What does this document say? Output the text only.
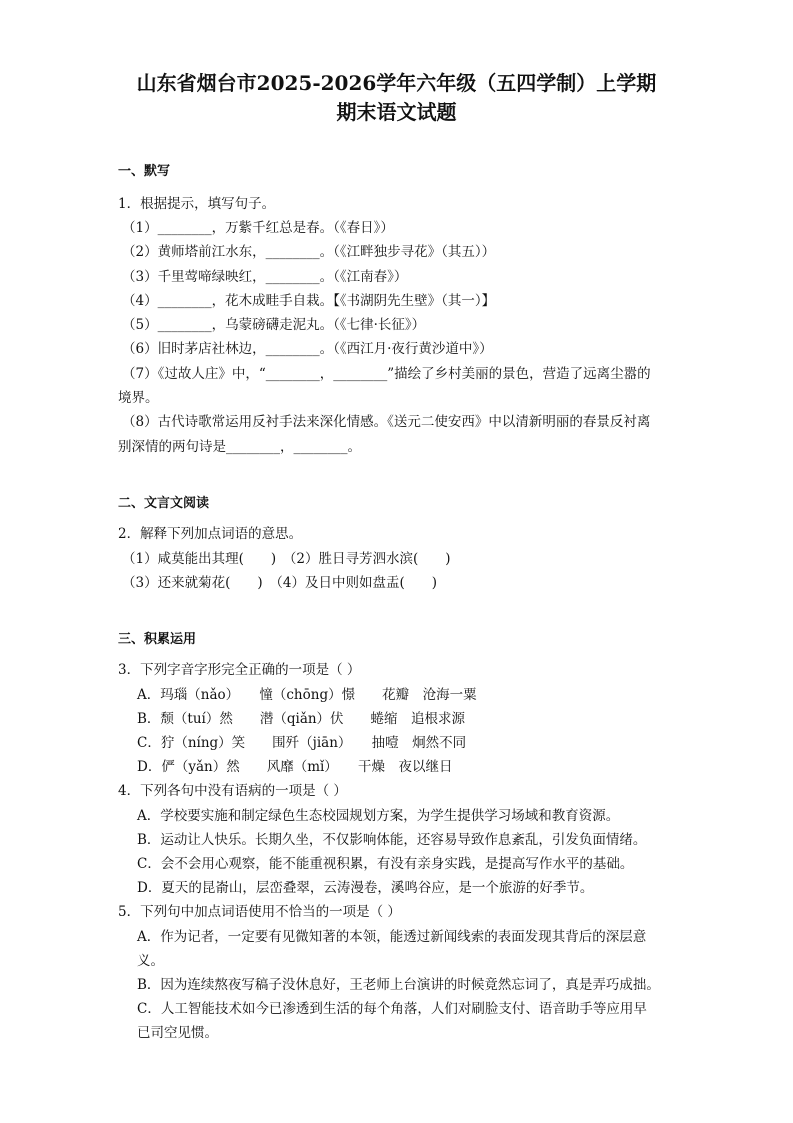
山东省烟台市2025-2026学年六年级（五四学制）上学期
期末语文试题
一、默写
1．根据提示，填写句子。
（1）________，万紫千红总是春。（《春日》）
（2）黄师塔前江水东，________。（《江畔独步寻花》（其五））
（3）千里莺啼绿映红，________。（《江南春》）
（4）________，花木成畦手自栽。【《书湖阴先生壁》（其一）】
（5）________，乌蒙磅礴走泥丸。（《七律·长征》）
（6）旧时茅店社林边，________。（《西江月·夜行黄沙道中》）
（7）《过故人庄》中，“________，________”描绘了乡村美丽的景色，营造了远离尘嚣的
境界。
（8）古代诗歌常运用反衬手法来深化情感。《送元二使安西》中以清新明丽的春景反衬离
别深情的两句诗是________，________。
二、文言文阅读
2．解释下列加点词语的意思。
（1）咸莫能出其理(　　)　（2）胜日寻芳泗水滨(　　)
（3）还来就菊花(　　)　（4）及日中则如盘盂(　　)
三、积累运用
3．下列字音字形完全正确的一项是（ ）
A．玛瑙（nǎo）　　憧（chōng）憬　　花瓣　沧海一粟
B．颓（tuí）然　　潜（qiǎn）伏　　蜷缩　追根求源
C．狞（níng）笑　　围歼（jiān）　　抽噎　炯然不同
D．俨（yǎn）然　　风靡（mǐ）　　干燥　夜以继日
4．下列各句中没有语病的一项是（ ）
A．学校要实施和制定绿色生态校园规划方案，为学生提供学习场域和教育资源。
B．运动让人快乐。长期久坐，不仅影响体能，还容易导致作息紊乱，引发负面情绪。
C．会不会用心观察，能不能重视积累，有没有亲身实践，是提高写作水平的基础。
D．夏天的昆嵛山，层峦叠翠，云涛漫卷，溪鸣谷应，是一个旅游的好季节。
5．下列句中加点词语使用不恰当的一项是（ ）
A．作为记者，一定要有见微知著的本领，能透过新闻线索的表面发现其背后的深层意
义。
B．因为连续熬夜写稿子没休息好，王老师上台演讲的时候竟然忘词了，真是弄巧成拙。
C．人工智能技术如今已渗透到生活的每个角落，人们对刷脸支付、语音助手等应用早
已司空见惯。
